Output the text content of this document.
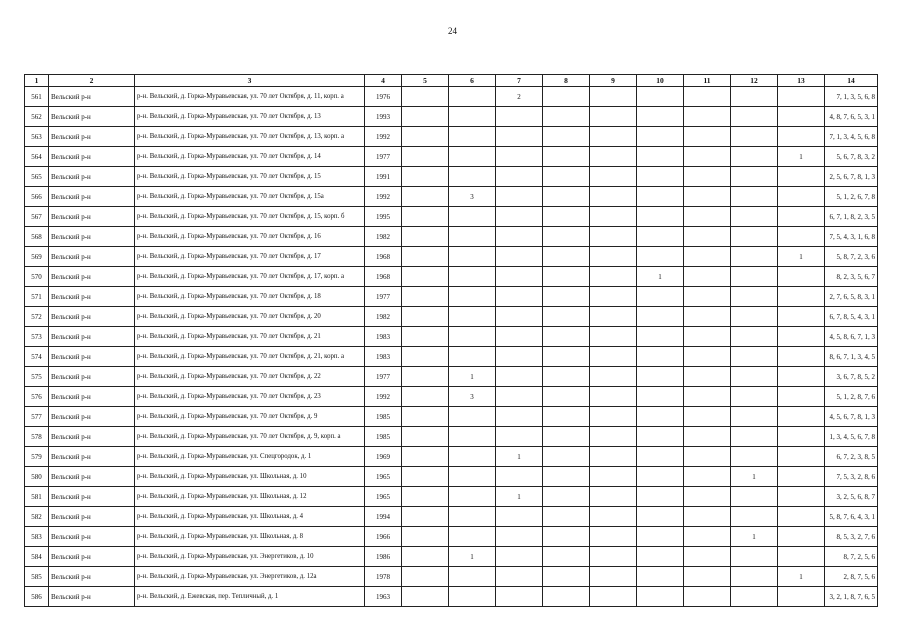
24
1	2	3	4	5	6	7	8	9	10	11	12	13	14
561	Вельский р-н	р-н. Вельский, д. Горка-Муравьевская, ул. 70 лет Октября, д. 11, корп. а	1976			2							7, 1, 3, 5, 6, 8
562	Вельский р-н	р-н. Вельский, д. Горка-Муравьевская, ул. 70 лет Октября, д. 13	1993										4, 8, 7, 6, 5, 3, 1
563	Вельский р-н	р-н. Вельский, д. Горка-Муравьевская, ул. 70 лет Октября, д. 13, корп. а	1992										7, 1, 3, 4, 5, 6, 8
564	Вельский р-н	р-н. Вельский, д. Горка-Муравьевская, ул. 70 лет Октября, д. 14	1977									1	5, 6, 7, 8, 3, 2
565	Вельский р-н	р-н. Вельский, д. Горка-Муравьевская, ул. 70 лет Октября, д. 15	1991										2, 5, 6, 7, 8, 1, 3
566	Вельский р-н	р-н. Вельский, д. Горка-Муравьевская, ул. 70 лет Октября, д. 15а	1992		3								5, 1, 2, 6, 7, 8
567	Вельский р-н	р-н. Вельский, д. Горка-Муравьевская, ул. 70 лет Октября, д. 15, корп. б	1995										6, 7, 1, 8, 2, 3, 5
568	Вельский р-н	р-н. Вельский, д. Горка-Муравьевская, ул. 70 лет Октября, д. 16	1982										7, 5, 4, 3, 1, 6, 8
569	Вельский р-н	р-н. Вельский, д. Горка-Муравьевская, ул. 70 лет Октября, д. 17	1968									1	5, 8, 7, 2, 3, 6
570	Вельский р-н	р-н. Вельский, д. Горка-Муравьевская, ул. 70 лет Октября, д. 17, корп. а	1968						1				8, 2, 3, 5, 6, 7
571	Вельский р-н	р-н. Вельский, д. Горка-Муравьевская, ул. 70 лет Октября, д. 18	1977										2, 7, 6, 5, 8, 3, 1
572	Вельский р-н	р-н. Вельский, д. Горка-Муравьевская, ул. 70 лет Октября, д. 20	1982										6, 7, 8, 5, 4, 3, 1
573	Вельский р-н	р-н. Вельский, д. Горка-Муравьевская, ул. 70 лет Октября, д. 21	1983										4, 5, 8, 6, 7, 1, 3
574	Вельский р-н	р-н. Вельский, д. Горка-Муравьевская, ул. 70 лет Октября, д. 21, корп. а	1983										8, 6, 7, 1, 3, 4, 5
575	Вельский р-н	р-н. Вельский, д. Горка-Муравьевская, ул. 70 лет Октября, д. 22	1977		1								3, 6, 7, 8, 5, 2
576	Вельский р-н	р-н. Вельский, д. Горка-Муравьевская, ул. 70 лет Октября, д. 23	1992		3								5, 1, 2, 8, 7, 6
577	Вельский р-н	р-н. Вельский, д. Горка-Муравьевская, ул. 70 лет Октября, д. 9	1985										4, 5, 6, 7, 8, 1, 3
578	Вельский р-н	р-н. Вельский, д. Горка-Муравьевская, ул. 70 лет Октября, д. 9, корп. а	1985										1, 3, 4, 5, 6, 7, 8
579	Вельский р-н	р-н. Вельский, д. Горка-Муравьевская, ул. Спецгородок, д. 1	1969			1							6, 7, 2, 3, 8, 5
580	Вельский р-н	р-н. Вельский, д. Горка-Муравьевская, ул. Школьная, д. 10	1965								1		7, 5, 3, 2, 8, 6
581	Вельский р-н	р-н. Вельский, д. Горка-Муравьевская, ул. Школьная, д. 12	1965			1							3, 2, 5, 6, 8, 7
582	Вельский р-н	р-н. Вельский, д. Горка-Муравьевская, ул. Школьная, д. 4	1994										5, 8, 7, 6, 4, 3, 1
583	Вельский р-н	р-н. Вельский, д. Горка-Муравьевская, ул. Школьная, д. 8	1966								1		8, 5, 3, 2, 7, 6
584	Вельский р-н	р-н. Вельский, д. Горка-Муравьевская, ул. Энергетиков, д. 10	1986		1								8, 7, 2, 5, 6
585	Вельский р-н	р-н. Вельский, д. Горка-Муравьевская, ул. Энергетиков, д. 12а	1978									1	2, 8, 7, 5, 6
586	Вельский р-н	р-н. Вельский, д. Ежевская, пер. Тепличный, д. 1	1963										3, 2, 1, 8, 7, 6, 5
